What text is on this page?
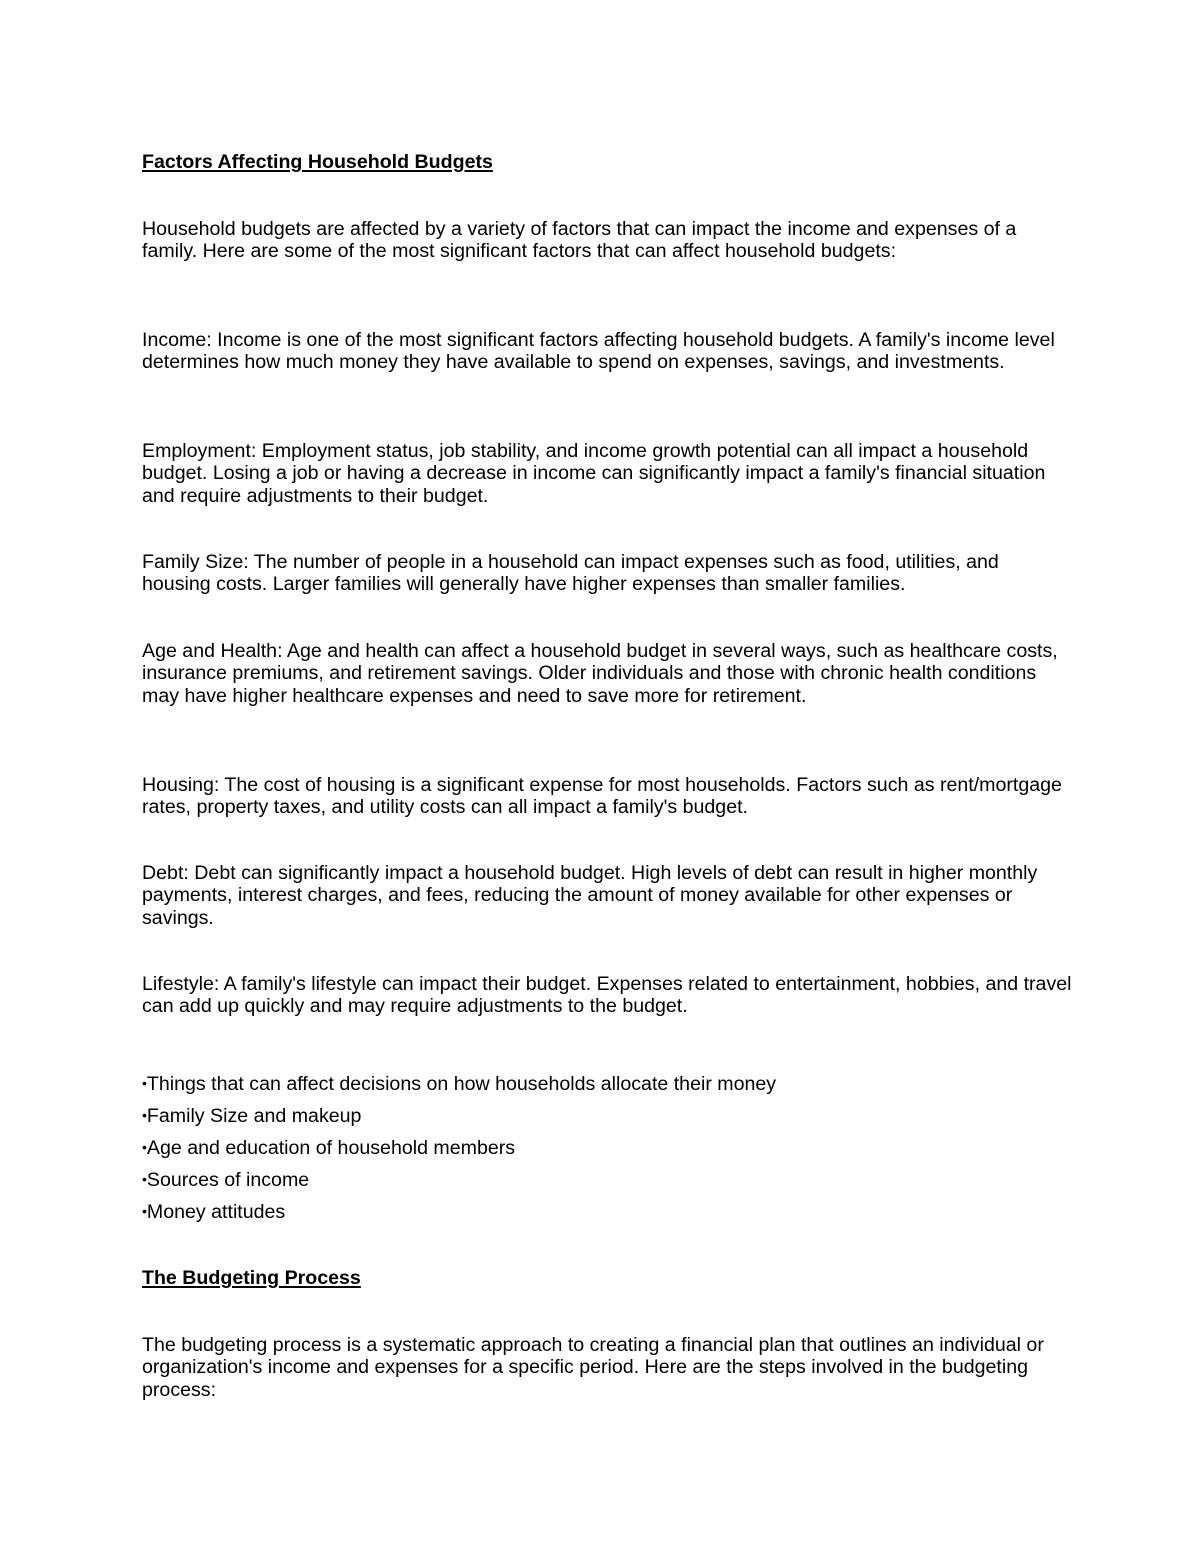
Factors Affecting Household Budgets

Household budgets are affected by a variety of factors that can impact the income and expenses of a family. Here are some of the most significant factors that can affect household budgets:

Income: Income is one of the most significant factors affecting household budgets. A family's income level determines how much money they have available to spend on expenses, savings, and investments.

Employment: Employment status, job stability, and income growth potential can all impact a household budget. Losing a job or having a decrease in income can significantly impact a family's financial situation and require adjustments to their budget.

Family Size: The number of people in a household can impact expenses such as food, utilities, and housing costs. Larger families will generally have higher expenses than smaller families.

Age and Health: Age and health can affect a household budget in several ways, such as healthcare costs, insurance premiums, and retirement savings. Older individuals and those with chronic health conditions may have higher healthcare expenses and need to save more for retirement.

Housing: The cost of housing is a significant expense for most households. Factors such as rent/mortgage rates, property taxes, and utility costs can all impact a family's budget.

Debt: Debt can significantly impact a household budget. High levels of debt can result in higher monthly payments, interest charges, and fees, reducing the amount of money available for other expenses or savings.

Lifestyle: A family's lifestyle can impact their budget. Expenses related to entertainment, hobbies, and travel can add up quickly and may require adjustments to the budget.

•Things that can affect decisions on how households allocate their money
•Family Size and makeup
•Age and education of household members
•Sources of income
•Money attitudes
The Budgeting Process

The budgeting process is a systematic approach to creating a financial plan that outlines an individual or organization's income and expenses for a specific period. Here are the steps involved in the budgeting process:
